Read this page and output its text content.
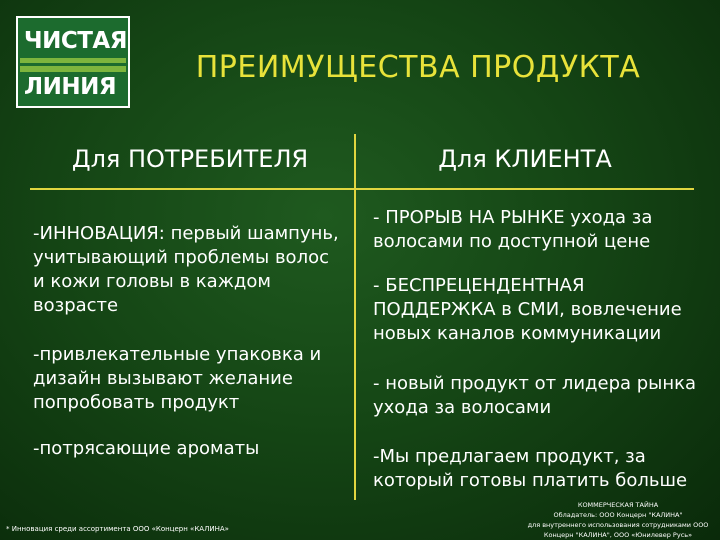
ЧИСТАЯ
ЛИНИЯ
ПРЕИМУЩЕСТВА ПРОДУКТА
Для ПОТРЕБИТЕЛЯ	Для КЛИЕНТА
-ИННОВАЦИЯ: первый шампунь, учитывающий проблемы волос и кожи головы в каждом возрасте
-привлекательные упаковка и дизайн вызывают желание попробовать продукт
-потрясающие ароматы
- ПРОРЫВ НА РЫНКЕ ухода за волосами по доступной цене
- БЕСПРЕЦЕНДЕНТНАЯ ПОДДЕРЖКА в СМИ, вовлечение новых каналов коммуникации
- новый продукт от лидера рынка ухода за волосами
-Мы предлагаем продукт, за который готовы платить больше
* Инновация среди ассортимента ООО «Концерн «КАЛИНА»
КОММЕРЧЕСКАЯ ТАЙНА
Обладатель: ООО Концерн "КАЛИНА"
для внутреннего использования сотрудниками ООО
Концерн "КАЛИНА", ООО «Юнилевер Русь»
